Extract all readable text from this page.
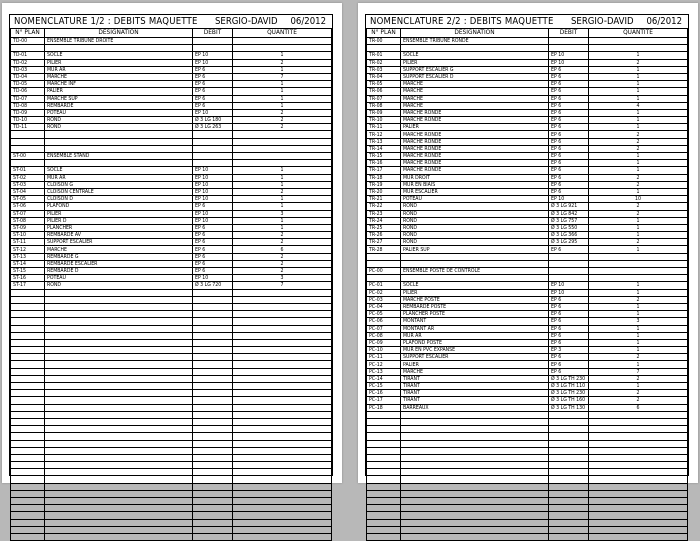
NOMENCLATURE 1/2 : DEBITS MAQUETTE SERGIO-DAVID 06/2012
N° PLAN	DESIGNATION	DEBIT	QUANTITE
TD-00	ENSEMBLE TRIBUNE DROITE		

TD-01	SOCLE	EP 10	1
TD-02	PILIER	EP 10	2
TD-03	MUR AR	EP 6	1
TD-04	MARCHE	EP 6	7
TD-05	MARCHE INF	EP 6	1
TD-06	PALIER	EP 6	1
TD-07	MARCHE SUP	EP 6	1
TD-08	REMBARDE	EP 6	1
TD-09	POTEAU	EP 10	2
TD-10	ROND	Ø 3 LG 180	2
TD-11	ROND	Ø 3 LG 263	2

ST-00	ENSEMBLE STAND		

ST-01	SOCLE	EP 10	1
ST-02	MUR AR	EP 10	1
ST-03	CLOISON G	EP 10	1
ST-04	CLOISON CENTRALE	EP 10	2
ST-05	CLOISON D	EP 10	1
ST-06	PLAFOND	EP 6	1
ST-07	PILIER	EP 10	3
ST-08	PILIER D	EP 10	1
ST-09	PLANCHER	EP 6	1
ST-10	REMBARDE AV	EP 6	2
ST-11	SUPPORT ESCALIER	EP 6	2
ST-12	MARCHE	EP 6	6
ST-13	REMBARDE G	EP 6	2
ST-14	REMBARDE ESCALIER	EP 6	2
ST-15	REMBARDE D	EP 6	2
ST-16	POTEAU	EP 10	3
ST-17	ROND	Ø 3 LG 720	7

NOMENCLATURE 2/2 : DEBITS MAQUETTE SERGIO-DAVID 06/2012
N° PLAN	DESIGNATION	DEBIT	QUANTITE
TR-00	ENSEMBLE TRIBUNE RONDE		

TR-01	SOCLE	EP 10	1
TR-02	PILIER	EP 10	2
TR-03	SUPPORT ESCALIER G	EP 6	1
TR-04	SUPPORT ESCALIER D	EP 6	1
TR-05	MARCHE	EP 6	1
TR-06	MARCHE	EP 6	1
TR-07	MARCHE	EP 6	1
TR-08	MARCHE	EP 6	4
TR-09	MARCHE RONDE	EP 6	1
TR-10	MARCHE RONDE	EP 6	1
TR-11	PALIER	EP 6	1
TR-12	MARCHE RONDE	EP 6	2
TR-13	MARCHE RONDE	EP 6	2
TR-14	MARCHE RONDE	EP 6	2
TR-15	MARCHE RONDE	EP 6	1
TR-16	MARCHE RONDE	EP 6	1
TR-17	MARCHE RONDE	EP 6	1
TR-18	MUR DROIT	EP 6	2
TR-19	MUR EN BIAIS	EP 6	2
TR-20	MUR ESCALIER	EP 6	1
TR-21	POTEAU	EP 10	10
TR-22	ROND	Ø 3 LG 921	2
TR-23	ROND	Ø 3 LG 842	2
TR-24	ROND	Ø 3 LG 757	1
TR-25	ROND	Ø 3 LG 550	1
TR-26	ROND	Ø 3 LG 366	1
TR-27	ROND	Ø 3 LG 295	2
TR-28	PALIER SUP	EP 6	1

PC-00	ENSEMBLE POSTE DE CONTROLE		

PC-01	SOCLE	EP 10	1
PC-02	PILIER	EP 10	1
PC-03	MARCHE POSTE	EP 6	2
PC-04	REMBARDE POSTE	EP 6	1
PC-05	PLANCHER POSTE	EP 6	1
PC-06	MONTANT	EP 6	3
PC-07	MONTANT AR	EP 6	1
PC-08	MUR AR	EP 6	1
PC-09	PLAFOND POSTE	EP 6	1
PC-10	MUR EN PVC EXPANSE	EP 3	1
PC-11	SUPPORT ESCALIER	EP 6	2
PC-12	PALIER	EP 6	1
PC-13	MARCHE	EP 6	7
PC-14	TIRANT	Ø 3 LG TH 230	2
PC-15	TIRANT	Ø 3 LG TH 110	1
PC-16	TIRANT	Ø 3 LG TH 230	2
PC-17	TIRANT	Ø 3 LG TH 160	2
PC-18	BARREAUX	Ø 3 LG TH 130	6
